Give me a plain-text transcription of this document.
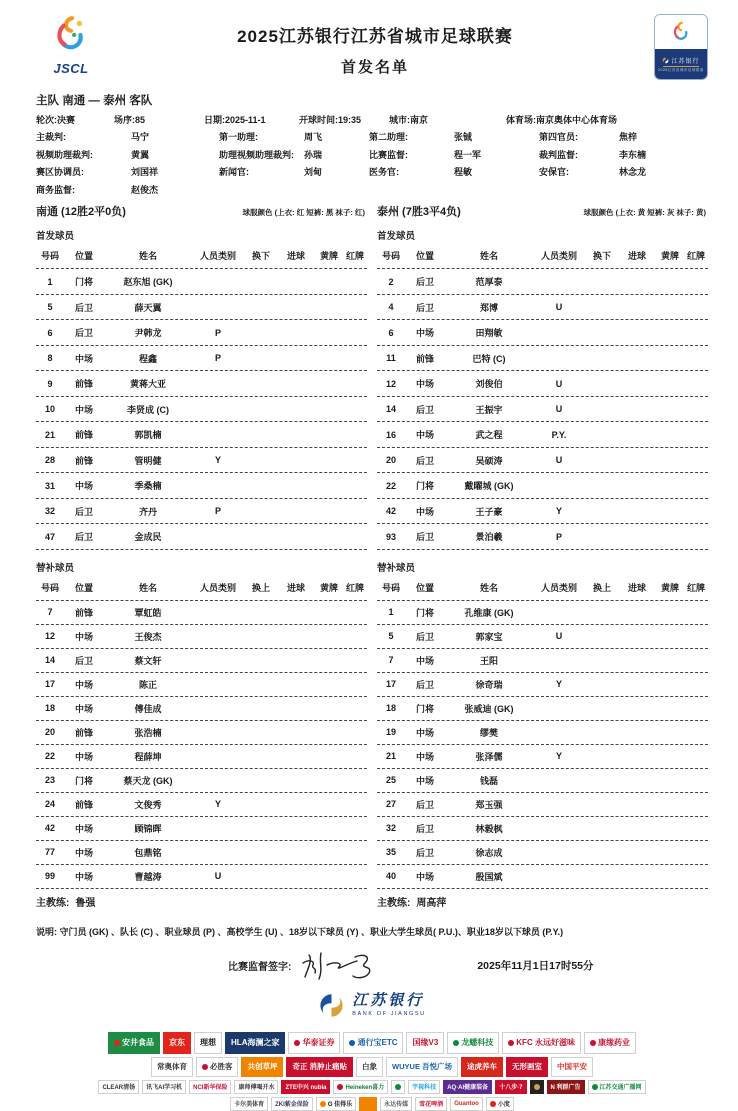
JSCL
2025江苏银行江苏省城市足球联赛
首发名单	江苏银行
2025江苏省城市足球联赛
主队 南通 — 泰州 客队
轮次:决赛	场序:85	日期:2025-11-1	开球时间:19:35	城市:南京	体育场:南京奥体中心体育场
主裁判:	马宁	第一助理:	周飞	第二助理:	张铖	第四官员:	焦梓
视频助理裁判:	黄翼	助理视频助理裁判:	孙瑞	比赛监督:	程一军	裁判监督:	李东楠
赛区协调员:	刘国祥	新闻官:	刘甸	医务官:	程敏	安保官:	林念龙
商务监督:	赵俊杰
南通 (12胜2平0负)	球服颜色 (上衣: 红 短裤: 黑 袜子: 红)
首发球员
号码	位置	姓名	人员类别	换下	进球	黄牌 红牌
1	门将	赵东旭 (GK)
5	后卫	薛天翼
6	后卫	尹韩龙	P
8	中场	程鑫	P
9	前锋	黄蒋大亚
10	中场	李贤成 (C)
21	前锋	郭凯楠
28	前锋	管明健	Y
31	中场	季桑楠
32	后卫	齐丹	P
47	后卫	金成民
替补球员
号码	位置	姓名	人员类别	换上	进球	黄牌 红牌
7	前锋	覃虹皓
12	中场	王俊杰
14	后卫	蔡文轩
17	中场	陈正
18	中场	傅佳成
20	前锋	张浩楠
22	中场	程薛坤
23	门将	蔡天龙 (GK)
24	前锋	文俊秀	Y
42	中场	顾锦晖
77	中场	包鼎铭
99	中场	曹越涛	U
主教练: 鲁强
泰州 (7胜3平4负)	球服颜色 (上衣: 黄 短裤: 灰 袜子: 黄)
首发球员
号码	位置	姓名	人员类别	换下	进球	黄牌 红牌
2	后卫	范厚泰
4	后卫	郑博	U
6	中场	田翔敏
11	前锋	巴特 (C)
12	中场	刘俊伯	U
14	后卫	王振宇	U
16	中场	武之程	P.Y.
20	后卫	吴硕涛	U
22	门将	戴曜城 (GK)
42	中场	王子豪	Y
93	后卫	景泊羲	P
替补球员
号码	位置	姓名	人员类别	换上	进球	黄牌 红牌
1	门将	孔维康 (GK)
5	后卫	郭家宝	U
7	中场	王阳
17	后卫	徐奇瑞	Y
18	门将	张威迪 (GK)
19	中场	缪樊
21	中场	张泽儒	Y
25	中场	钱磊
27	后卫	郑玉强
32	后卫	林毅枫
35	后卫	徐志成
40	中场	殷国斌
主教练: 周高萍
说明: 守门员 (GK) 、队长 (C) 、职业球员 (P) 、高校学生 (U) 、18岁以下球员 (Y) 、职业大学生球员( P.U.)、职业18岁以下球员 (P.Y.)
比赛监督签字:	2025年11月1日17时55分
江苏银行
BANK OF JIANGSU
安井食品 京东 理想 HLA海澜之家	华泰证券	通行宝ETC 国缘V3	龙蟠科技	KFC 永远好滋味	康缘药业
常奥体育	必胜客 共创草坪 奇正 消肿止痛贴 白象 WUYUE 吾悦广场 途虎养车 无形画室 中国平安
CLEAR清扬 讯飞AI学习机 NCI新华保险 康师傅喝开水 ZTE中兴 nubia	Heineken喜力	宇视科技 AQ·AI健康装备 十八步·7	N 利群广告	江苏交通广播网
卡尔美体育 ZKI紫金保险	G 佳得乐	永达传媒 雪花啤酒 Guantoo	小度
